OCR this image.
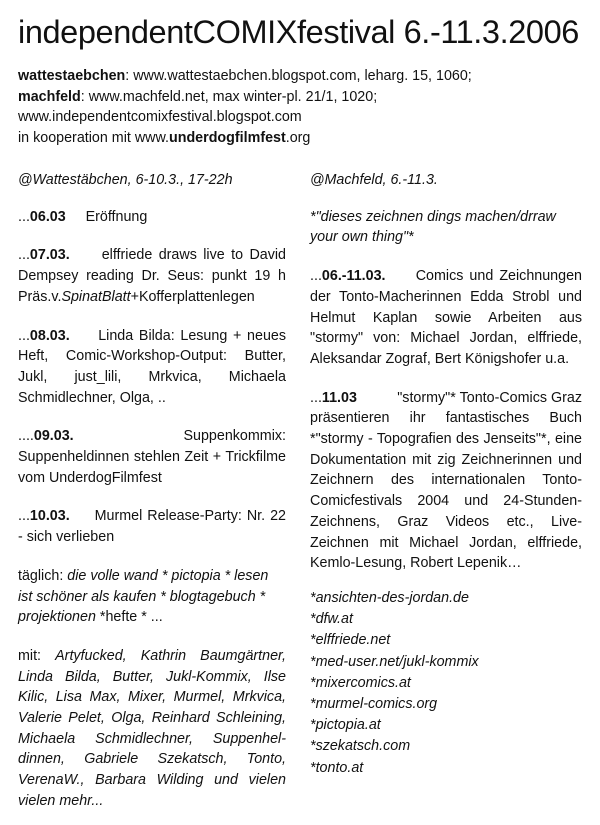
independentCOMIXfestival 6.-11.3.2006
wattestaebchen: www.wattestaebchen.blogspot.com, leharg. 15, 1060;
machfeld: www.machfeld.net, max winter-pl. 21/1, 1020;
www.independentcomixfestival.blogspot.com
in kooperation mit www.underdogfilmfest.org
@Wattestäbchen, 6-10.3., 17-22h
...06.03 Eröffnung
...07.03.     elffriede draws live to David Dempsey reading Dr. Seus: punkt 19 h Präs.v.SpinatBlatt+Kofferplattenlegen
...08.03.     Linda Bilda: Lesung + neues Heft, Comic-Workshop-Output: Butter, Jukl, just_lili, Mrkvica, Michaela Schmidlechner, Olga, ..
....09.03.     Suppenkommix: Suppenheldinnen stehlen Zeit + Trickfilme vom UnderdogFilmfest
...10.03.     Murmel Release-Party: Nr. 22 - sich verlieben
täglich: die volle wand * pictopia * lesen ist schöner als kaufen * blogtagebuch * projektionen *hefte * ...
mit: Artyfucked, Kathrin Baumgärtner, Linda Bilda, Butter, Jukl-Kommix, Ilse Kilic, Lisa Max, Mixer, Murmel, Mrkvica, Valerie Pelet, Olga, Reinhard Schleining, Michaela Schmidlechner, Suppenhel-dinnen, Gabriele Szekatsch, Tonto, VerenaW., Barbara Wilding und vielen vielen mehr...
@Machfeld, 6.-11.3.
*"dieses zeichnen dings machen/drraw your own thing"*
...06.-11.03.     Comics und Zeichnungen der Tonto-Macherinnen Edda Strobl und Helmut Kaplan sowie Arbeiten aus "stormy" von: Michael Jordan, elffriede, Aleksandar Zograf, Bert Königshofer u.a.
...11.03          "stormy"* Tonto-Comics Graz präsentieren ihr fantastisches Buch *"stormy - Topografien des Jenseits"*, eine Dokumentation mit zig Zeichnerinnen und Zeichnern des internationalen Tonto-Comicfestivals 2004 und 24-Stunden-Zeichnens, Graz Videos etc., Live-Zeichnen mit Michael Jordan, elffriede, Kemlo-Lesung, Robert Lepenik…
*ansichten-des-jordan.de
*dfw.at
*elffriede.net
*med-user.net/jukl-kommix
*mixercomics.at
*murmel-comics.org
*pictopia.at
*szekatsch.com
*tonto.at
